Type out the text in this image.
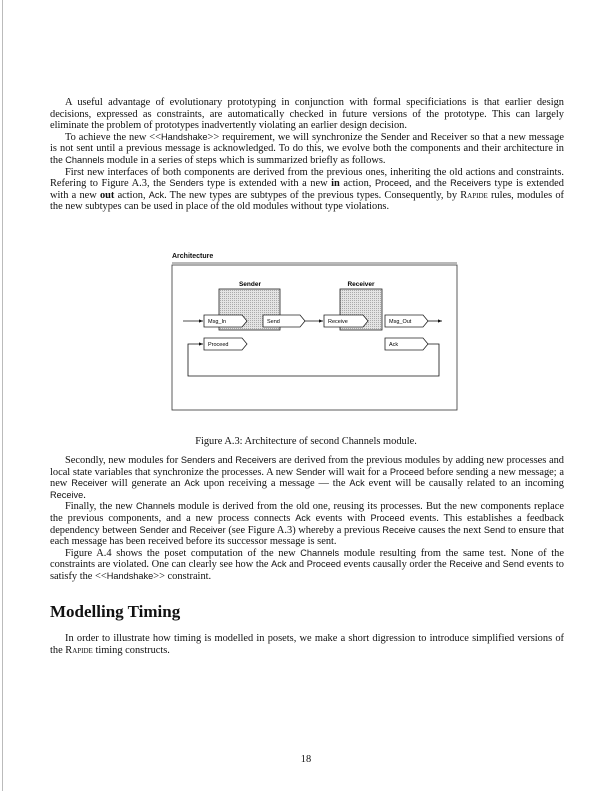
A useful advantage of evolutionary prototyping in conjunction with formal specificiations is that earlier design decisions, expressed as constraints, are automatically checked in future versions of the prototype. This can largely eliminate the problem of prototypes inadvertently violating an earlier design decision.

To achieve the new <<Handshake>> requirement, we will synchronize the Sender and Receiver so that a new message is not sent until a previous message is acknowledged. To do this, we evolve both the components and their architecture in the Channels module in a series of steps which is summarized briefly as follows.

First new interfaces of both components are derived from the previous ones, inheriting the old actions and constraints. Refering to Figure A.3, the Senders type is extended with a new in action, Proceed, and the Receivers type is extended with a new out action, Ack. The new types are subtypes of the previous types. Consequently, by Rapide rules, modules of the new subtypes can be used in place of the old modules without type violations.

Architecture
Sender	Receiver
Msg_In	Send
Proceed
Receive	Msg_Out
Ack
Figure A.3: Architecture of second Channels module.

Secondly, new modules for Senders and Receivers are derived from the previous modules by adding new processes and local state variables that synchronize the processes. A new Sender will wait for a Proceed before sending a new message; a new Receiver will generate an Ack upon receiving a message — the Ack event will be causally related to an incoming Receive.

Finally, the new Channels module is derived from the old one, reusing its processes. But the new components replace the previous components, and a new process connects Ack events with Proceed events. This establishes a feedback dependency between Sender and Receiver (see Figure A.3) whereby a previous Receive causes the next Send to ensure that each message has been received before its successor message is sent.

Figure A.4 shows the poset computation of the new Channels module resulting from the same test. None of the constraints are violated. One can clearly see how the Ack and Proceed events causally order the Receive and Send events to satisfy the <<Handshake>> constraint.

Modelling Timing

In order to illustrate how timing is modelled in posets, we make a short digression to introduce simplified versions of the Rapide timing constructs.

18
